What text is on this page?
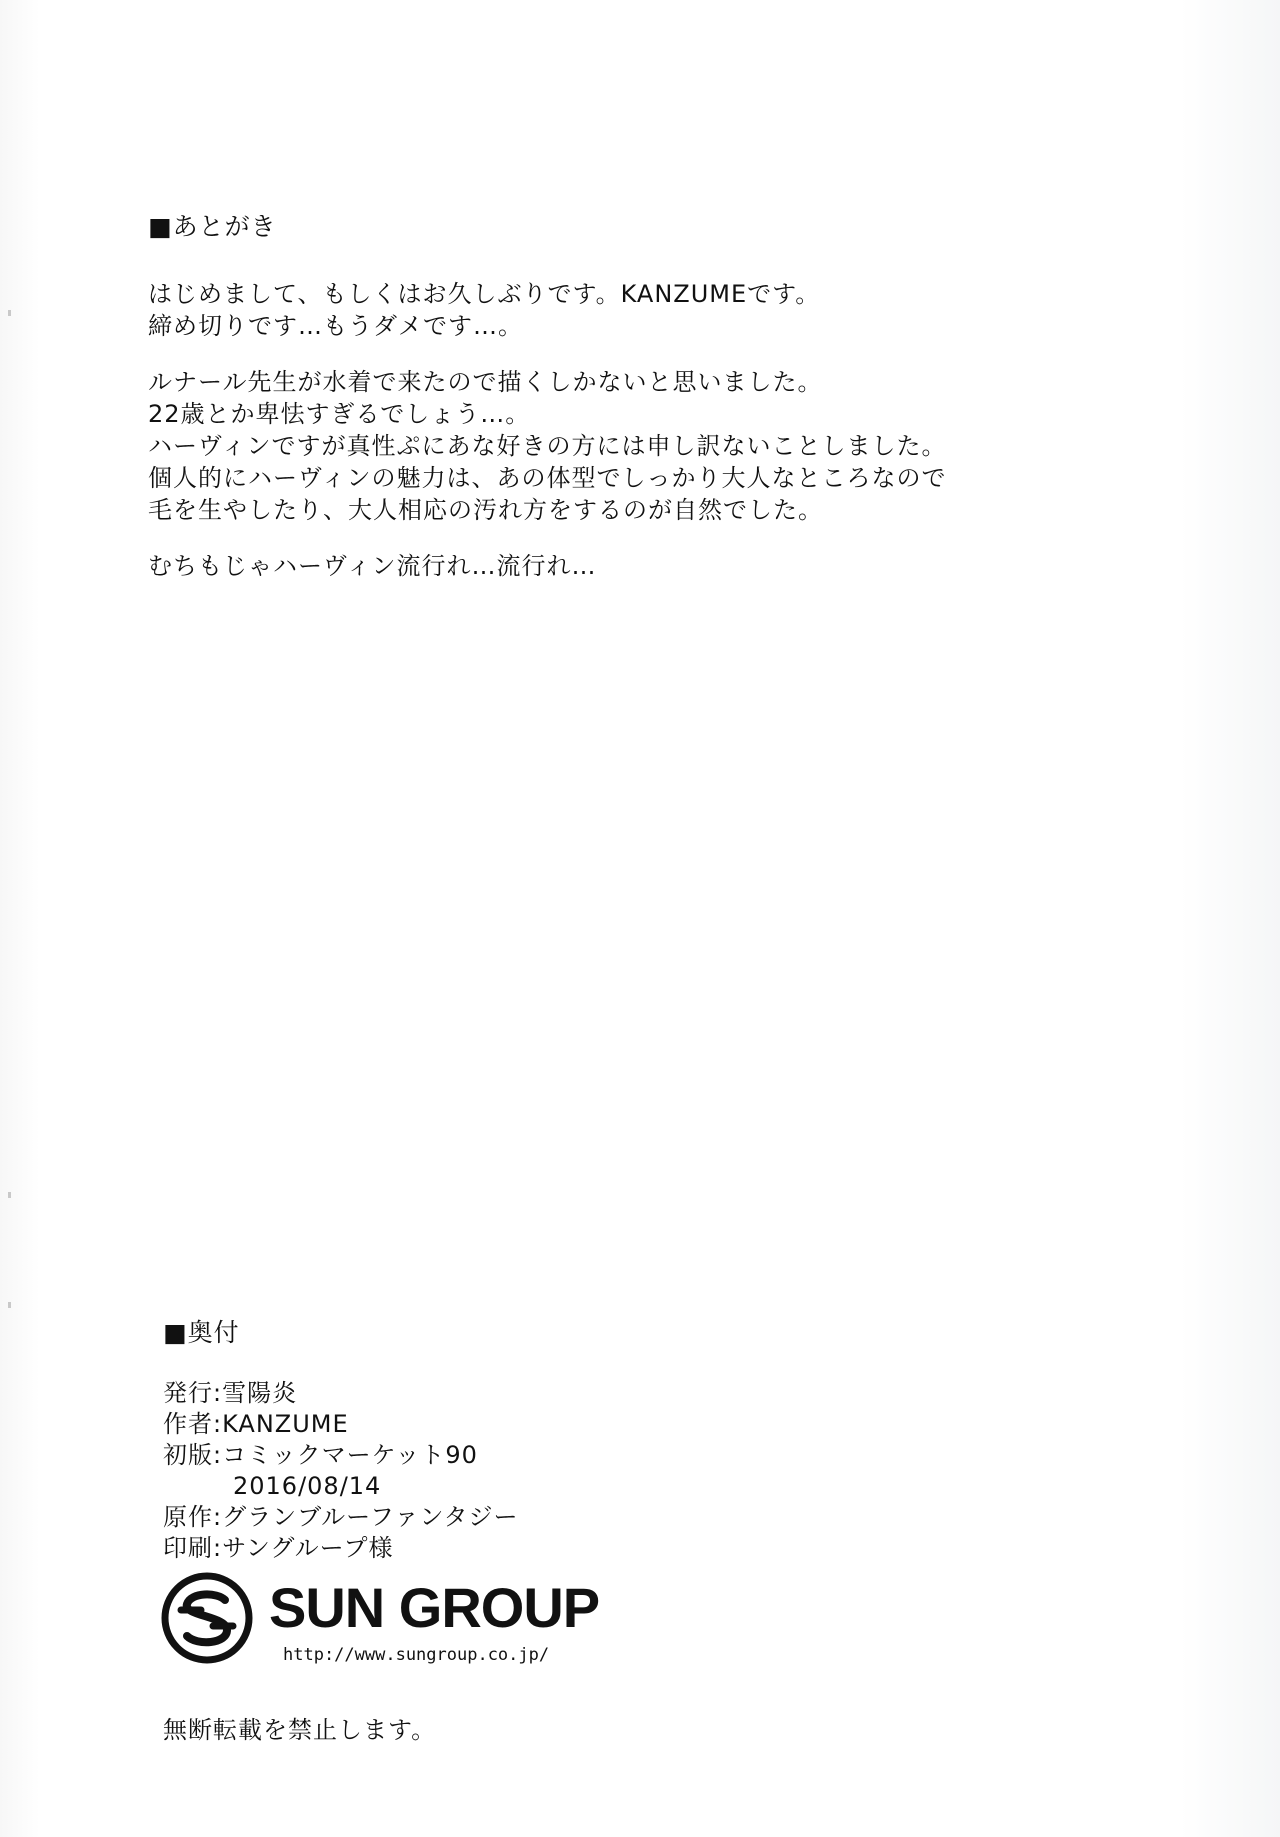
■あとがき
はじめまして、もしくはお久しぶりです。KANZUMEです。
締め切りです…もうダメです…。
ルナール先生が水着で来たので描くしかないと思いました。
22歳とか卑怯すぎるでしょう…。
ハーヴィンですが真性ぷにあな好きの方には申し訳ないことしました。
個人的にハーヴィンの魅力は、あの体型でしっかり大人なところなので
毛を生やしたり、大人相応の汚れ方をするのが自然でした。
むちもじゃハーヴィン流行れ…流行れ…
■奥付
発行:雪陽炎
作者:KANZUME
初版:コミックマーケット90
2016/08/14
原作:グランブルーファンタジー
印刷:サングループ様
SUN GROUP
http://www.sungroup.co.jp/
無断転載を禁止します。
